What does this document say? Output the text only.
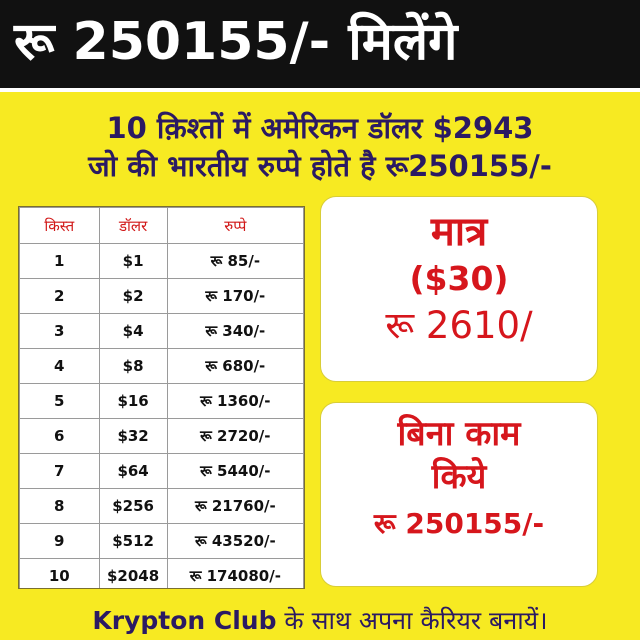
रू 250155/- मिलेंगे
10 क़िश्तों में अमेरिकन डॉलर $2943
जो की भारतीय रुप्पे होते है रू250155/-
किस्त	डॉलर	रुप्पे
1	$1	रू 85/-
2	$2	रू 170/-
3	$4	रू 340/-
4	$8	रू 680/-
5	$16	रू 1360/-
6	$32	रू 2720/-
7	$64	रू 5440/-
8	$256	रू 21760/-
9	$512	रू 43520/-
10	$2048	रू 174080/-
मात्र
($30)
रू 2610/
बिना काम
किये
रू 250155/-
Krypton Club के साथ अपना कैरियर बनायें।
